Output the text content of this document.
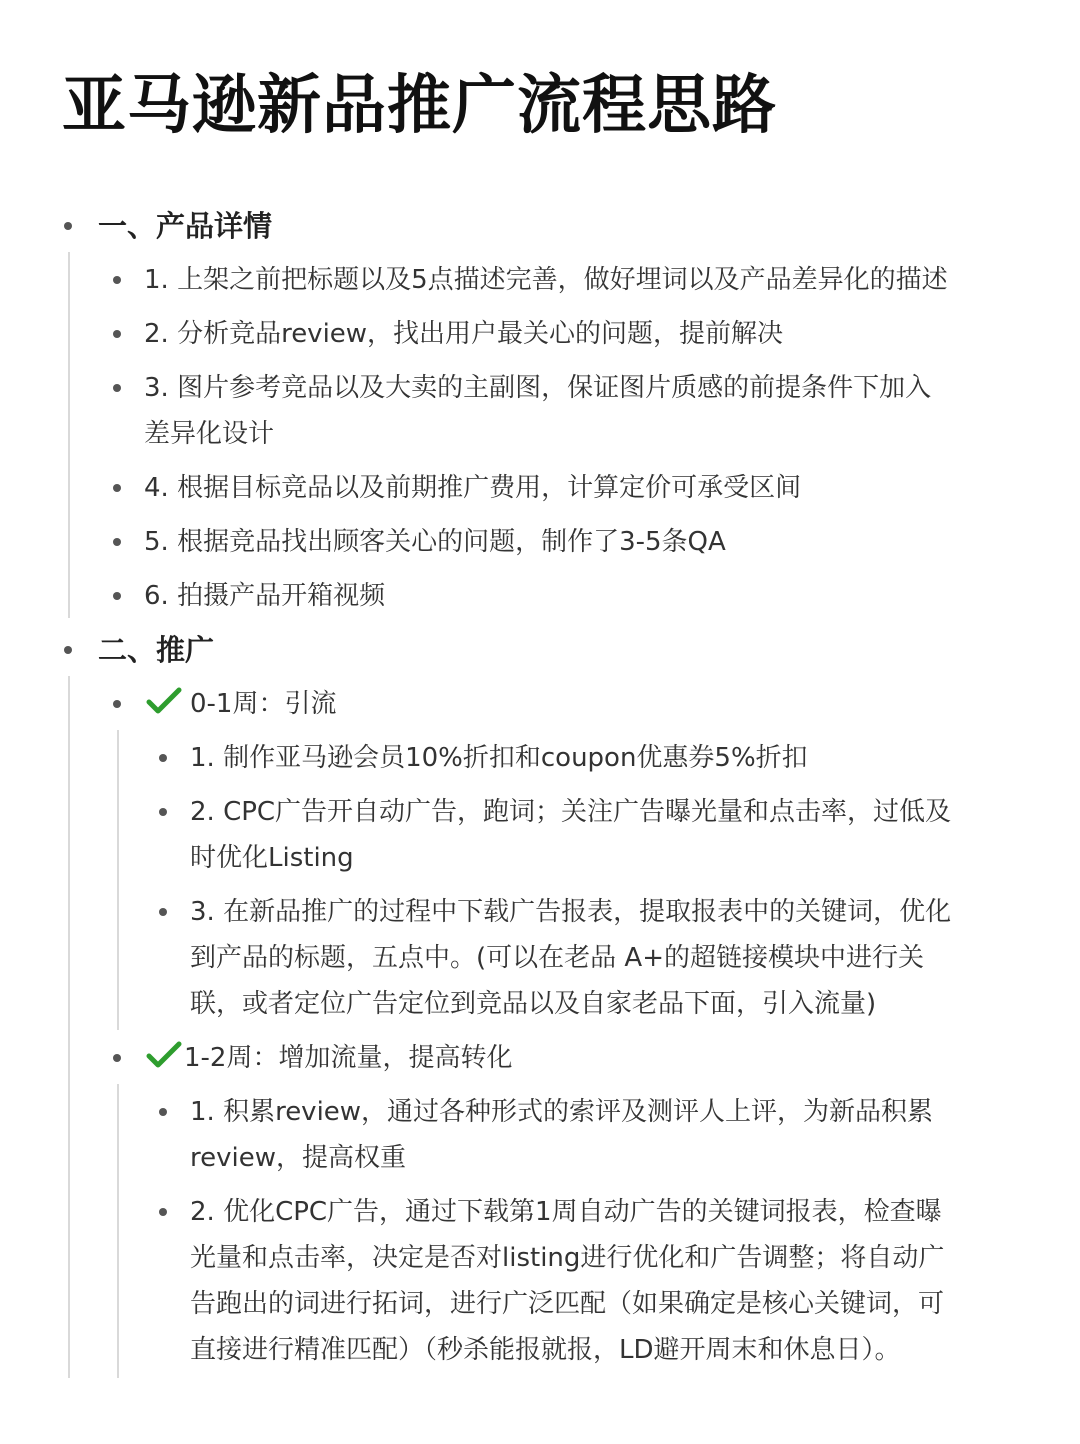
亚马逊新品推广流程思路
一、产品详情
1. 上架之前把标题以及5点描述完善，做好埋词以及产品差异化的描述
2. 分析竞品review，找出用户最关心的问题，提前解决
3. 图片参考竞品以及大卖的主副图，保证图片质感的前提条件下加入
差异化设计
4. 根据目标竞品以及前期推广费用，计算定价可承受区间
5. 根据竞品找出顾客关心的问题，制作了3-5条QA
6. 拍摄产品开箱视频
二、推广
0-1周：引流
1. 制作亚马逊会员10%折扣和coupon优惠券5%折扣
2. CPC广告开自动广告，跑词；关注广告曝光量和点击率，过低及
时优化Listing
3. 在新品推广的过程中下载广告报表，提取报表中的关键词，优化
到产品的标题，五点中。(可以在老品 A+的超链接模块中进行关
联，或者定位广告定位到竞品以及自家老品下面，引入流量)
1-2周：增加流量，提高转化
1. 积累review，通过各种形式的索评及测评人上评，为新品积累
review，提高权重
2. 优化CPC广告，通过下载第1周自动广告的关键词报表，检查曝
光量和点击率，决定是否对listing进行优化和广告调整；将自动广
告跑出的词进行拓词，进行广泛匹配（如果确定是核心关键词，可
直接进行精准匹配）（秒杀能报就报，LD避开周末和休息日）。
